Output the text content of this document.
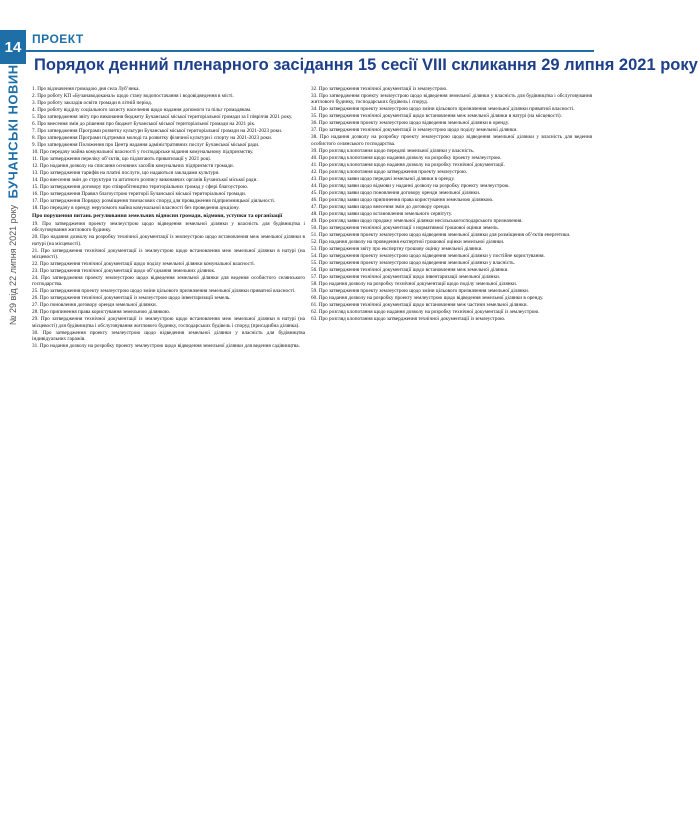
14
БУЧАНСЬКІ НОВИНИ
№ 29 від 22 липня 2021 року
ПРОЕКТ
Порядок денний пленарного засідання 15 сесії VIII скликання 29 липня 2021 року

1. Про відзначення громадою дня села Луб’янка.

2. Про роботу КП «Бучанаводоканал» щодо стану водопостачання і водовідведення в місті.

3. Про роботу закладів освіти громади в літній період.

4. Про роботу відділу соціального захисту населення щодо надання допомоги та пільг громадянам.

5. Про затвердження звіту про виконання бюджету Бучанської міської територіальної громади за І півріччя 2021 року.

6. Про внесення змін до рішення про бюджет Бучанської міської територіальної громади на 2021 рік.

7. Про затвердження Програми розвитку культури Бучанської міської територіальної громади на 2021-2023 роки.

8. Про затвердження Програми підтримки молоді та розвитку фізичної культури і спорту на 2021-2023 роки.

9. Про затвердження Положення про Центр надання адміністративних послуг Бучанської міської ради.

10. Про передачу майна комунальної власності у господарське відання комунальному підприємству.

11. Про затвердження переліку об’єктів, що підлягають приватизації у 2021 році.

12. Про надання дозволу на списання основних засобів комунальних підприємств громади.

13. Про затвердження тарифів на платні послуги, що надаються закладами культури.

14. Про внесення змін до структури та штатного розпису виконавчих органів Бучанської міської ради.

15. Про затвердження договору про співробітництво територіальних громад у сфері благоустрою.

16. Про затвердження Правил благоустрою території Бучанської міської територіальної громади.

17. Про затвердження Порядку розміщення тимчасових споруд для провадження підприємницької діяльності.

18. Про передачу в оренду нерухомого майна комунальної власності без проведення аукціону.

Про порушення питань регулювання земельних відносин громади, відмови, уступки та організації

19. Про затвердження проекту землеустрою щодо відведення земельної ділянки у власність для будівництва і обслуговування житлового будинку.

20. Про надання дозволу на розробку технічної документації із землеустрою щодо встановлення меж земельної ділянки в натурі (на місцевості).

21. Про затвердження технічної документації із землеустрою щодо встановлення меж земельної ділянки в натурі (на місцевості).

22. Про затвердження технічної документації щодо поділу земельної ділянки комунальної власності.

23. Про затвердження технічної документації щодо об’єднання земельних ділянок.

24. Про затвердження проекту землеустрою щодо відведення земельної ділянки для ведення особистого селянського господарства.

25. Про затвердження проекту землеустрою щодо зміни цільового призначення земельної ділянки приватної власності.

26. Про затвердження технічної документації із землеустрою щодо інвентаризації земель.

27. Про поновлення договору оренди земельної ділянки.

28. Про припинення права користування земельною ділянкою.

29. Про затвердження технічної документації із землеустрою щодо встановлення меж земельної ділянки в натурі (на місцевості) для будівництва і обслуговування житлового будинку, господарських будівель і споруд (присадибна ділянка).

30. Про затвердження проекту землеустрою щодо відведення земельної ділянки у власність для будівництва індивідуальних гаражів.

31. Про надання дозволу на розробку проекту землеустрою щодо відведення земельної ділянки для ведення садівництва.

32. Про затвердження технічної документації із землеустрою.

33. Про затвердження проекту землеустрою щодо відведення земельної ділянки у власність для будівництва і обслуговування житлового будинку, господарських будівель і споруд.

34. Про затвердження проекту землеустрою щодо зміни цільового призначення земельної ділянки приватної власності.

35. Про затвердження технічної документації щодо встановлення меж земельної ділянки в натурі (на місцевості).

36. Про затвердження проекту землеустрою щодо відведення земельної ділянки в оренду.

37. Про затвердження технічної документації із землеустрою щодо поділу земельної ділянки.

38. Про надання дозволу на розробку проекту землеустрою щодо відведення земельної ділянки у власність для ведення особистого селянського господарства.

39. Про розгляд клопотання щодо передачі земельної ділянки у власність.

40. Про розгляд клопотання щодо надання дозволу на розробку проекту землеустрою.

41. Про розгляд клопотання щодо надання дозволу на розробку технічної документації.

42. Про розгляд клопотання щодо затвердження проекту землеустрою.

43. Про розгляд заяви щодо передачі земельної ділянки в оренду.

44. Про розгляд заяви щодо відмови у наданні дозволу на розробку проекту землеустрою.

45. Про розгляд заяви щодо поновлення договору оренди земельної ділянки.

46. Про розгляд заяви щодо припинення права користування земельною ділянкою.

47. Про розгляд заяви щодо внесення змін до договору оренди.

48. Про розгляд заяви щодо встановлення земельного сервітуту.

49. Про розгляд заяви щодо продажу земельної ділянки несільськогосподарського призначення.

50. Про затвердження технічної документації з нормативної грошової оцінки земель.

51. Про затвердження проекту землеустрою щодо відведення земельної ділянки для розміщення об’єктів енергетики.

52. Про надання дозволу на проведення експертної грошової оцінки земельної ділянки.

53. Про затвердження звіту про експертну грошову оцінку земельної ділянки.

54. Про затвердження проекту землеустрою щодо відведення земельної ділянки у постійне користування.

55. Про затвердження проекту землеустрою щодо відведення земельної ділянки у власність.

56. Про затвердження технічної документації щодо встановлення меж земельної ділянки.

57. Про затвердження технічної документації щодо інвентаризації земельної ділянки.

58. Про надання дозволу на розробку технічної документації щодо поділу земельної ділянки.

59. Про затвердження проекту землеустрою щодо зміни цільового призначення земельної ділянки.

60. Про надання дозволу на розробку проекту землеустрою щодо відведення земельної ділянки в оренду.

61. Про затвердження технічної документації щодо встановлення меж частини земельної ділянки.

62. Про розгляд клопотання щодо надання дозволу на розробку технічної документації із землеустрою.

63. Про розгляд клопотання щодо затвердження технічної документації із землеустрою.
